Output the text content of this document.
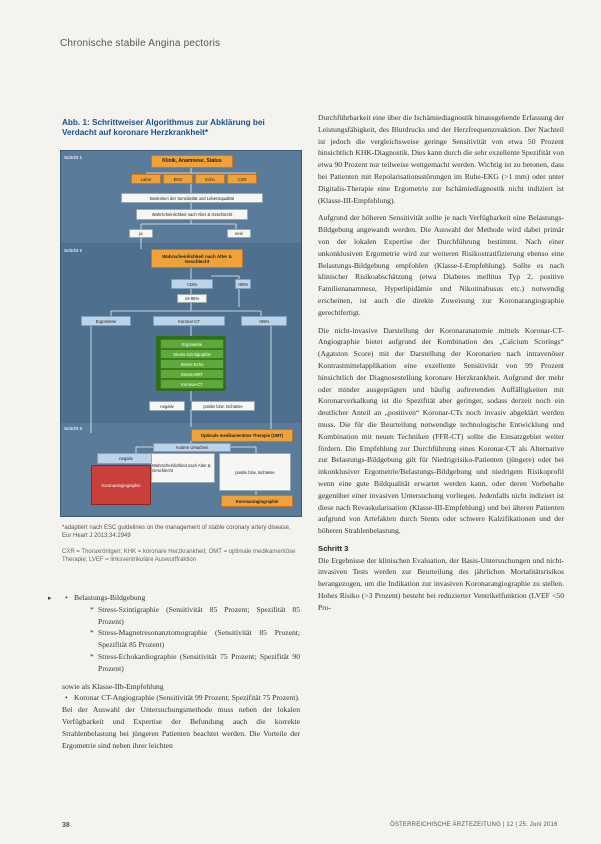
Chronische stabile Angina pectoris
Abb. 1: Schrittweiser Algorithmus zur Abklärung bei Verdacht auf koronare Herzkrankheit*
Schritt 1
Schritt 2
Schritt 3
Klinik, Anamnese, Status
Labor	EKG	Echo	CXR
Bedenken der Sensitivität und Lebensqualität
Wahrscheinlichkeit nach Alter & Geschlecht
ja	nein
Wahrscheinlichkeit nach Alter & Geschlecht
<15%	>85%
15-85%
Ergometrie	Koronar-CT	>85%
Ergometrie
Stress-Szintigraphie
Stress-Echo
Stress-MRT
Koronar-CT
negativ	positiv bzw. Ischämie
Optimale medikamentöse Therapie (OMT)
Andere Ursachen
negativ
Wahrscheinlichkeit nach Alter & Geschlecht	positiv bzw. Ischämie
Koronarangiographie
Koronarangiographie
*adaptiert nach ESC guidelines on the management of stable coronary artery disease, Eur Heart J 2013;34:2949
CXR = Thoraxröntgen; KHK = koronare Herzkrankheit; OMT = optimale medikamentöse Therapie; LVEF = linksventrikuläre Auswurffraktion
▸
•	Belastungs-Bildgebung
* Stress-Szintigraphie (Sensitivität 85 Prozent; Spezifität 85 Prozent)
* Stress-Magnetresonanztomographie (Sensitivität 85 Prozent; Spezifität 85 Prozent)
* Stress-Echokardiographie (Sensitivität 75 Prozent; Spezifität 90 Prozent)

sowie als Klasse-IIb-Empfehlung

• Koronar CT-Angiographie (Sensitivität 99 Prozent; Spezifität 75 Prozent).

Bei der Auswahl der Untersuchungsmethode muss neben der lokalen Verfügbarkeit und Expertise der Befundung auch die korrekte Strahlenbelastung bei jüngeren Patienten beachtet werden. Die Vorteile der Ergometrie sind neben ihrer leichten

Durchführbarkeit eine über die Ischämiediagnostik hinausgehende Erfassung der Leistungsfähigkeit, des Blutdrucks und der Herzfrequenzreaktion. Der Nachteil ist jedoch die vergleichsweise geringe Sensitivität von etwa 50 Prozent hinsichtlich KHK-Diagnostik. Dies kann durch die sehr exzellente Spezifität von etwa 90 Prozent nur teilweise wettgemacht werden. Wichtig ist zu betonen, dass bei Patienten mit Repolarisationsstörungen im Ruhe-EKG (>1 mm) oder unter Digitalis-Therapie eine Ergometrie zur Ischämiediagnostik nicht indiziert ist (Klasse-III-Empfehlung).

Aufgrund der höheren Sensitivität sollte je nach Verfügbarkeit eine Belastungs-Bildgebung angewandt werden. Die Auswahl der Methode wird dabei primär von der lokalen Expertise der Durchführung bestimmt. Nach einer unkonklusiven Ergometrie wird zur weiteren Risikostratifizierung ebenso eine Belastungs-Bildgebung empfohlen (Klasse-I-Empfehlung). Sollte es nach klinischer Risikoabschätzung (etwa Diabetes mellitus Typ 2, positive Familienanamnese, Hyperlipidämie und Nikotinabusus etc.) notwendig erscheinen, ist auch die direkte Zuweisung zur Koronarangiographie gerechtfertigt.

Die nicht-invasive Darstellung der Koronaranatomie mittels Koronar-CT-Angiographie bietet aufgrund der Kombination des „Calcium Scorings“ (Agatston Score) mit der Darstellung der Koronarien nach intravenöser Kontrastmittelapplikation eine exzellente Sensitivität von 99 Prozent hinsichtlich der Diagnosestellung koronare Herzkrankheit. Aufgrund der mehr oder minder ausgeprägten und häufig auftretenden Auffälligkeiten mit Koronarverkalkung ist die Spezifität aber geringer, sodass derzeit noch ein deutlicher Anteil an „positiven“ Koronar-CTs noch invasiv abgeklärt werden muss. Die für die Beurteilung notwendige technologische Entwicklung und Kombination mit neuen Techniken (FFR-CT) sollte die Einsatzgebiet weiter fördern. Die Empfehlung zur Durchführung eines Koronar-CT als Alternative zur Belastungs-Bildgebung gilt für Niedrigrisiko-Patienten (jüngere) oder bei inkonklusiver Ergometrie/Belastungs-Bildgebung und niedrigem Risikoprofil wenn eine gute Bildqualität erwartet werden kann, oder deren Vorbehalte gegenüber einer invasiven Untersuchung vorliegen. Jedenfalls nicht indiziert ist diese nach Revaskularisation (Klasse-III-Empfehlung) und bei älteren Patienten aufgrund von Artefakten durch Stents oder schwere Kalzifikationen und der höheren Strahlenbelastung.

Schritt 3

Die Ergebnisse der klinischen Evaluation, der Basis-Untersuchungen und nicht-invasiven Tests werden zur Beurteilung des jährlichen Mortalitätsrisikos herangezogen, um die Indikation zur invasiven Koronarangiographie zu stellen. Hohes Risiko (>3 Prozent) besteht bei reduzierter Ventrikelfunktion (LVEF <50 Pro-

38	ÖSTERREICHISCHE ÄRZTEZEITUNG | 12 | 25. Juni 2016
